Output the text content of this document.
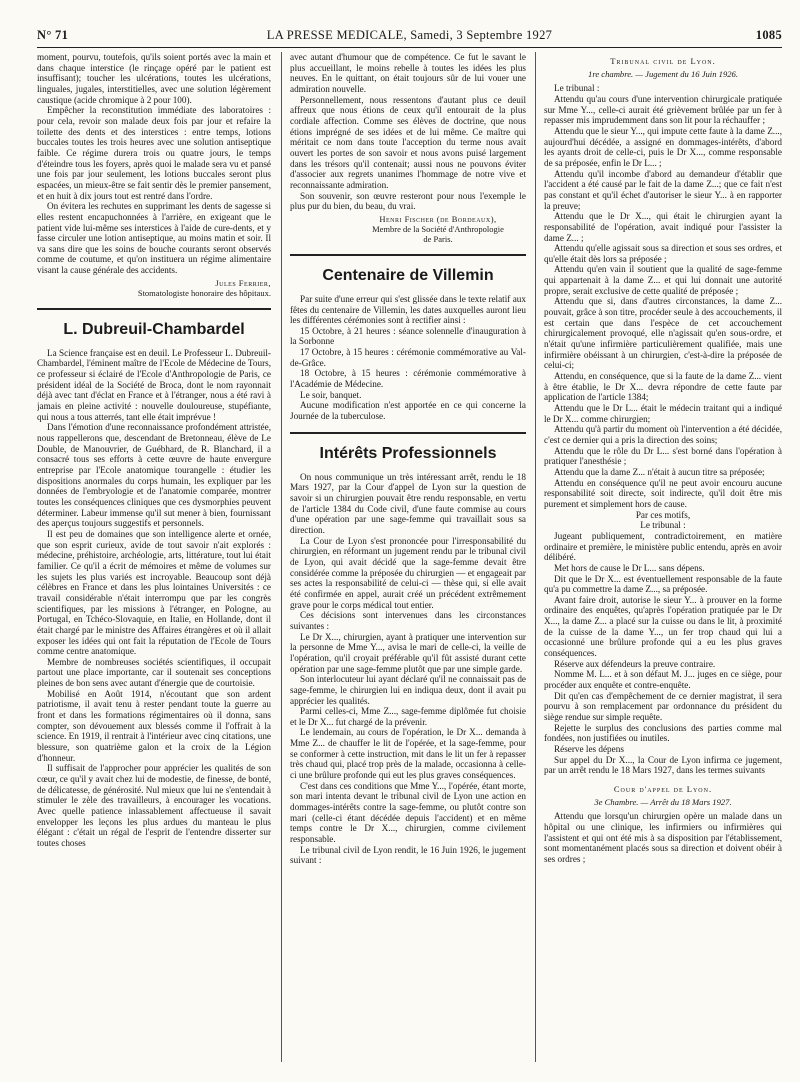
N° 71	LA PRESSE MEDICALE, Samedi, 3 Septembre 1927	1085

moment, pourvu, toutefois, qu'ils soient portés avec la main et dans chaque interstice (le rinçage opéré par le patient est insuffisant); toucher les ulcérations, toutes les ulcérations, linguales, jugales, interstitielles, avec une solution légèrement caustique (acide chromique à 2 pour 100).

Empêcher la reconstitution immédiate des laboratoires : pour cela, revoir son malade deux fois par jour et refaire la toilette des dents et des interstices : entre temps, lotions buccales toutes les trois heures avec une solution antiseptique faible. Ce régime durera trois ou quatre jours, le temps d'éteindre tous les foyers, après quoi le malade sera vu et pansé une fois par jour seulement, les lotions buccales seront plus espacées, un mieux-être se fait sentir dès le premier pansement, et en huit à dix jours tout est rentré dans l'ordre.

On évitera les rechutes en supprimant les dents de sagesse si elles restent encapuchonnées à l'arrière, en exigeant que le patient vide lui-même ses interstices à l'aide de cure-dents, et y fasse circuler une lotion antiseptique, au moins matin et soir. Il va sans dire que les soins de bouche courants seront observés comme de coutume, et qu'on instituera un régime alimentaire visant la cause générale des accidents.

Jules Ferrier,
Stomatologiste honoraire des hôpitaux.
L. Dubreuil-Chambardel

La Science française est en deuil. Le Professeur L. Dubreuil-Chambardel, l'éminent maître de l'Ecole de Médecine de Tours, ce professeur si éclairé de l'Ecole d'Anthropologie de Paris, ce président idéal de la Société de Broca, dont le nom rayonnait déjà avec tant d'éclat en France et à l'étranger, nous a été ravi à jamais en pleine activité : nouvelle douloureuse, stupéfiante, qui nous a tous atterrés, tant elle était imprévue !

Dans l'émotion d'une reconnaissance profondément attristée, nous rappellerons que, descendant de Bretonneau, élève de Le Double, de Manouvrier, de Guébhard, de R. Blanchard, il a consacré tous ses efforts à cette œuvre de haute envergure entreprise par l'Ecole anatomique tourangelle : étudier les dispositions anormales du corps humain, les expliquer par les données de l'embryologie et de l'anatomie comparée, montrer toutes les conséquences cliniques que ces dysmorphies peuvent déterminer. Labeur immense qu'il sut mener à bien, fournissant des aperçus toujours suggestifs et personnels.

Il est peu de domaines que son intelligence alerte et ornée, que son esprit curieux, avide de tout savoir n'ait explorés : médecine, préhistoire, archéologie, arts, littérature, tout lui était familier. Ce qu'il a écrit de mémoires et même de volumes sur les sujets les plus variés est incroyable. Beaucoup sont déjà célèbres en France et dans les plus lointaines Universités : ce travail considérable n'était interrompu que par les congrès scientifiques, par les missions à l'étranger, en Pologne, au Portugal, en Tchéco-Slovaquie, en Italie, en Hollande, dont il était chargé par le ministre des Affaires étrangères et où il allait exposer les idées qui ont fait la réputation de l'Ecole de Tours comme centre anatomique.

Membre de nombreuses sociétés scientifiques, il occupait partout une place importante, car il soutenait ses conceptions pleines de bon sens avec autant d'énergie que de courtoisie.

Mobilisé en Août 1914, n'écoutant que son ardent patriotisme, il avait tenu à rester pendant toute la guerre au front et dans les formations régimentaires où il donna, sans compter, son dévouement aux blessés comme il l'offrait à la science. En 1919, il rentrait à l'intérieur avec cinq citations, une blessure, son quatrième galon et la croix de la Légion d'honneur.

Il suffisait de l'approcher pour apprécier les qualités de son cœur, ce qu'il y avait chez lui de modestie, de finesse, de bonté, de délicatesse, de générosité. Nul mieux que lui ne s'entendait à stimuler le zèle des travailleurs, à encourager les vocations. Avec quelle patience inlassablement affectueuse il savait envelopper les leçons les plus ardues du manteau le plus élégant : c'était un régal de l'esprit de l'entendre disserter sur toutes choses

avec autant d'humour que de compétence. Ce fut le savant le plus accueillant, le moins rebelle à toutes les idées les plus neuves. En le quittant, on était toujours sûr de lui vouer une admiration nouvelle.

Personnellement, nous ressentons d'autant plus ce deuil affreux que nous étions de ceux qu'il entourait de la plus cordiale affection. Comme ses élèves de doctrine, que nous étions imprégné de ses idées et de lui même. Ce maître qui méritait ce nom dans toute l'acception du terme nous avait ouvert les portes de son savoir et nous avons puisé largement dans les trésors qu'il contenait; aussi nous ne pouvons éviter d'associer aux regrets unanimes l'hommage de notre vive et reconnaissante admiration.

Son souvenir, son œuvre resteront pour nous l'exemple le plus pur du bien, du beau, du vrai.

Henri Fischer (de Bordeaux),
Membre de la Société d'Anthropologie
de Paris.
Centenaire de Villemin

Par suite d'une erreur qui s'est glissée dans le texte relatif aux fêtes du centenaire de Villemin, les dates auxquelles auront lieu les différentes cérémonies sont à rectifier ainsi :

15 Octobre, à 21 heures : séance solennelle d'inauguration à la Sorbonne

17 Octobre, à 15 heures : cérémonie commémorative au Val-de-Grâce.

18 Octobre, à 15 heures : cérémonie commémorative à l'Académie de Médecine.

Le soir, banquet.

Aucune modification n'est apportée en ce qui concerne la Journée de la tuberculose.

Intérêts Professionnels

On nous communique un très intéressant arrêt, rendu le 18 Mars 1927, par la Cour d'appel de Lyon sur la question de savoir si un chirurgien pouvait être rendu responsable, en vertu de l'article 1384 du Code civil, d'une faute commise au cours d'une opération par une sage-femme qui travaillait sous sa direction.

La Cour de Lyon s'est prononcée pour l'irresponsabilité du chirurgien, en réformant un jugement rendu par le tribunal civil de Lyon, qui avait décidé que la sage-femme devait être considérée comme la préposée du chirurgien — et engageait par ses actes la responsabilité de celui-ci — thèse qui, si elle avait été confirmée en appel, aurait créé un précédent extrêmement grave pour le corps médical tout entier.

Ces décisions sont intervenues dans les circonstances suivantes :

Le Dr X..., chirurgien, ayant à pratiquer une intervention sur la personne de Mme Y..., avisa le mari de celle-ci, la veille de l'opération, qu'il croyait préférable qu'il fût assisté durant cette opération par une sage-femme plutôt que par une simple garde.

Son interlocuteur lui ayant déclaré qu'il ne connaissait pas de sage-femme, le chirurgien lui en indiqua deux, dont il avait pu apprécier les qualités.

Parmi celles-ci, Mme Z..., sage-femme diplômée fut choisie et le Dr X... fut chargé de la prévenir.

Le lendemain, au cours de l'opération, le Dr X... demanda à Mme Z... de chauffer le lit de l'opérée, et la sage-femme, pour se conformer à cette instruction, mit dans le lit un fer à repasser très chaud qui, placé trop près de la malade, occasionna à celle-ci une brûlure profonde qui eut les plus graves conséquences.

C'est dans ces conditions que Mme Y..., l'opérée, étant morte, son mari intenta devant le tribunal civil de Lyon une action en dommages-intérêts contre la sage-femme, ou plutôt contre son mari (celle-ci étant décédée depuis l'accident) et en même temps contre le Dr X..., chirurgien, comme civilement responsable.

Le tribunal civil de Lyon rendit, le 16 Juin 1926, le jugement suivant :

Tribunal civil de Lyon.
1re chambre. — Jugement du 16 Juin 1926.

Le tribunal :

Attendu qu'au cours d'une intervention chirurgicale pratiquée sur Mme Y..., celle-ci aurait été grièvement brûlée par un fer à repasser mis imprudemment dans son lit pour la réchauffer ;

Attendu que le sieur Y..., qui impute cette faute à la dame Z..., aujourd'hui décédée, a assigné en dommages-intérêts, d'abord les ayants droit de celle-ci, puis le Dr X..., comme responsable de sa préposée, enfin le Dr L... ;

Attendu qu'il incombe d'abord au demandeur d'établir que l'accident a été causé par le fait de la dame Z...; que ce fait n'est pas constant et qu'il échet d'autoriser le sieur Y... à en rapporter la preuve;

Attendu que le Dr X..., qui était le chirurgien ayant la responsabilité de l'opération, avait indiqué pour l'assister la dame Z... ;

Attendu qu'elle agissait sous sa direction et sous ses ordres, et qu'elle était dès lors sa préposée ;

Attendu qu'en vain il soutient que la qualité de sage-femme qui appartenait à la dame Z... et qui lui donnait une autorité propre, serait exclusive de cette qualité de préposée ;

Attendu que si, dans d'autres circonstances, la dame Z... pouvait, grâce à son titre, procéder seule à des accouchements, il est certain que dans l'espèce de cet accouchement chirurgicalement provoqué, elle n'agissait qu'en sous-ordre, et n'était qu'une infirmière particulièrement qualifiée, mais une infirmière obéissant à un chirurgien, c'est-à-dire la préposée de celui-ci;

Attendu, en conséquence, que si la faute de la dame Z... vient à être établie, le Dr X... devra répondre de cette faute par application de l'article 1384;

Attendu que le Dr L... était le médecin traitant qui a indiqué le Dr X... comme chirurgien;

Attendu qu'à partir du moment où l'intervention a été décidée, c'est ce dernier qui a pris la direction des soins;

Attendu que le rôle du Dr L... s'est borné dans l'opération à pratiquer l'anesthésie ;

Attendu que la dame Z... n'était à aucun titre sa préposée;

Attendu en conséquence qu'il ne peut avoir encouru aucune responsabilité soit directe, soit indirecte, qu'il doit être mis purement et simplement hors de cause.

Par ces motifs,

Le tribunal :

Jugeant publiquement, contradictoirement, en matière ordinaire et première, le ministère public entendu, après en avoir délibéré.

Met hors de cause le Dr L... sans dépens.

Dit que le Dr X... est éventuellement responsable de la faute qu'a pu commettre la dame Z..., sa préposée.

Avant faire droit, autorise le sieur Y... à prouver en la forme ordinaire des enquêtes, qu'après l'opération pratiquée par le Dr X..., la dame Z... a placé sur la cuisse ou dans le lit, à proximité de la cuisse de la dame Y..., un fer trop chaud qui lui a occasionné une brûlure profonde qui a eu les plus graves conséquences.

Réserve aux défendeurs la preuve contraire.

Nomme M. L... et à son défaut M. J... juges en ce siège, pour procéder aux enquête et contre-enquête.

Dit qu'en cas d'empêchement de ce dernier magistrat, il sera pourvu à son remplacement par ordonnance du président du siège rendue sur simple requête.

Rejette le surplus des conclusions des parties comme mal fondées, non justifiées ou inutiles.

Réserve les dépens

Sur appel du Dr X..., la Cour de Lyon infirma ce jugement, par un arrêt rendu le 18 Mars 1927, dans les termes suivants

Cour d'appel de Lyon.
3e Chambre. — Arrêt du 18 Mars 1927.

Attendu que lorsqu'un chirurgien opère un malade dans un hôpital ou une clinique, les infirmiers ou infirmières qui l'assistent et qui ont été mis à sa disposition par l'établissement, sont momentanément placés sous sa direction et doivent obéir à ses ordres ;
